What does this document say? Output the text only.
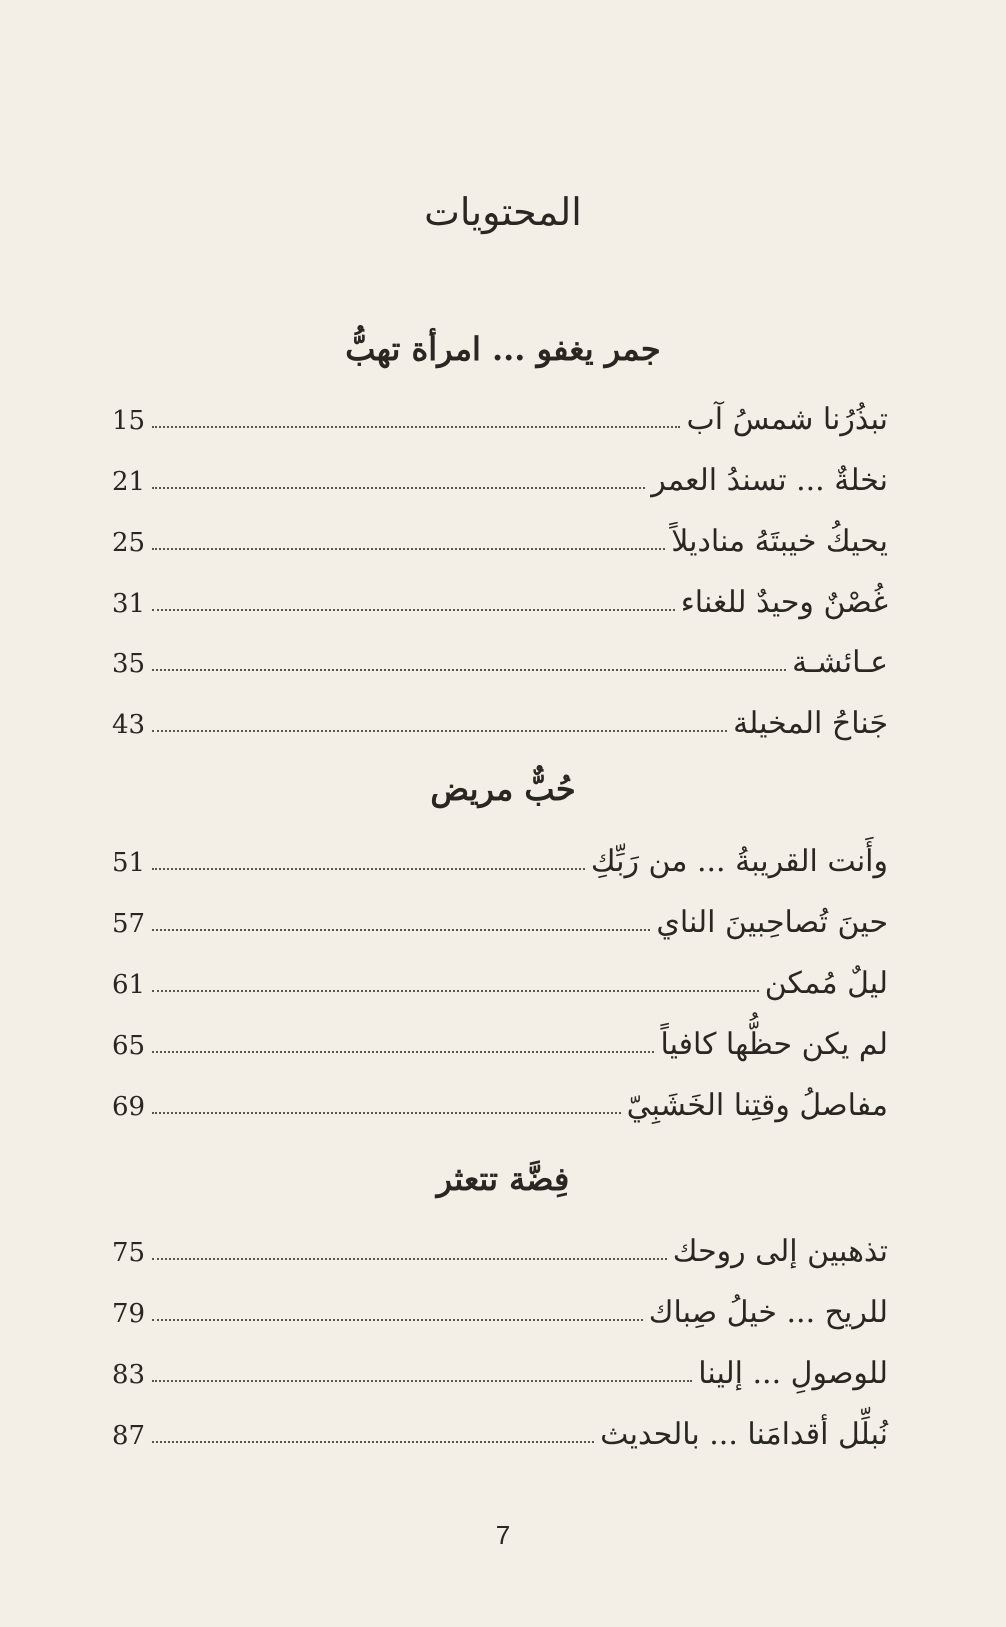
المحتويات
جمر يغفو ... امرأة تهبُّ
15	تبذُرُنا شمسُ آب
21	نخلةٌ ... تسندُ العمر
25	يحيكُ خيبتَهُ مناديلاً
31	غُصْنٌ وحيدٌ للغناء
35	عـائشـة
43	جَناحُ المخيلة
حُبٌّ مريض
51	وأَنت القريبةُ ... من رَبِّكِ
57	حينَ تُصاحِبينَ الناي
61	ليلٌ مُمكن
65	لم يكن حظُّها كافياً
69	مفاصلُ وقتِنا الخَشَبِيّ
فِضَّة تتعثر
75	تذهبين إلى روحك
79	للريح ... خيلُ صِباك
83	للوصولِ ... إلينا
87	نُبلِّل أقدامَنا ... بالحديث
7
